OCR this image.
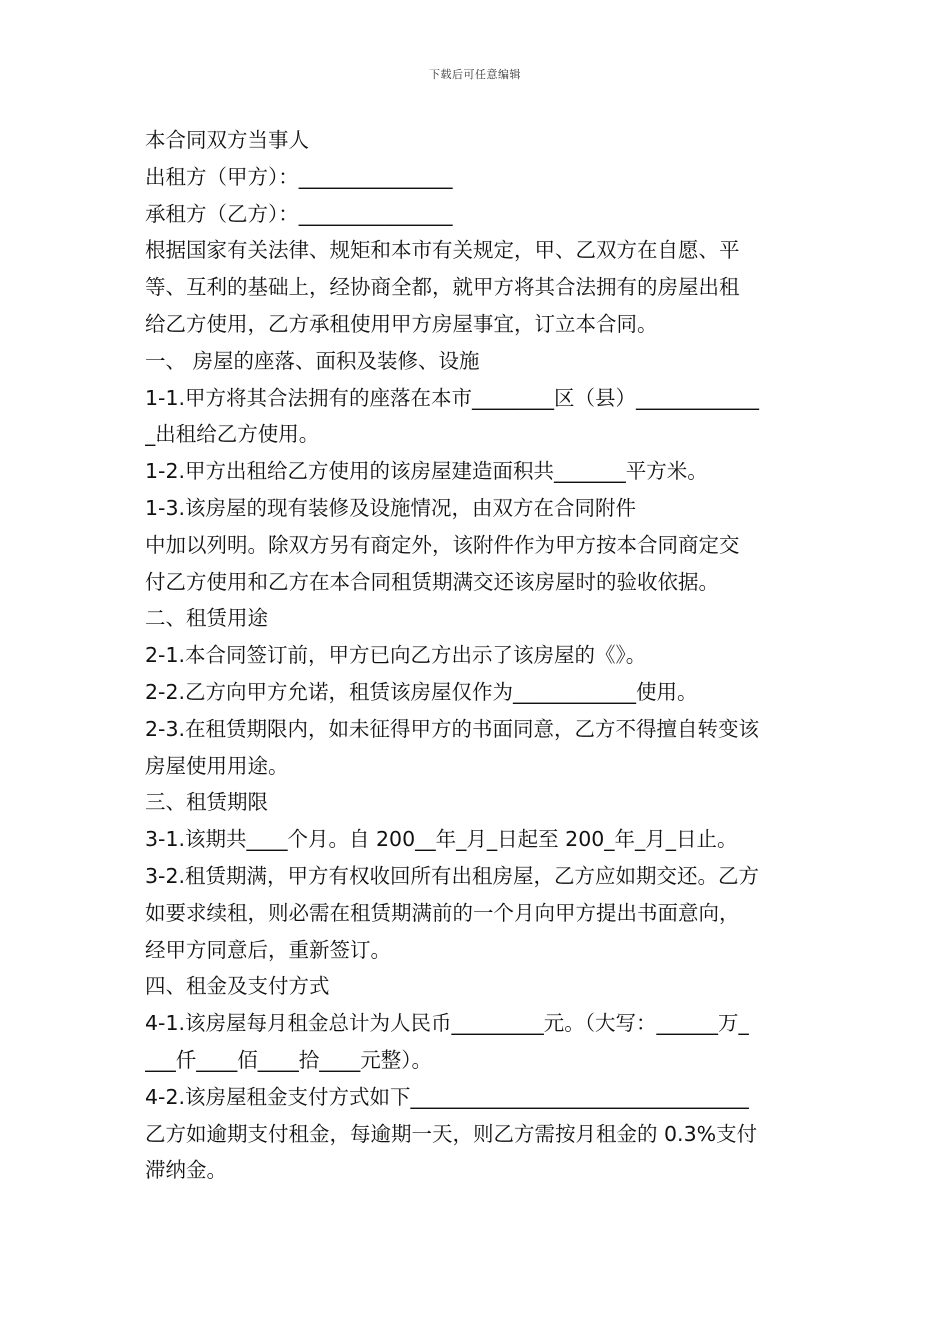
下载后可任意编辑
本合同双方当事人
出租方（甲方）：_______________
承租方（乙方）：_______________
根据国家有关法律、规矩和本市有关规定，甲、乙双方在自愿、平
等、互利的基础上，经协商全都，就甲方将其合法拥有的房屋出租
给乙方使用，乙方承租使用甲方房屋事宜，订立本合同。
一、 房屋的座落、面积及装修、设施
1-1.甲方将其合法拥有的座落在本市________区（县）____________
_出租给乙方使用。
1-2.甲方出租给乙方使用的该房屋建造面积共_______平方米。
1-3.该房屋的现有装修及设施情况，由双方在合同附件
中加以列明。除双方另有商定外，该附件作为甲方按本合同商定交
付乙方使用和乙方在本合同租赁期满交还该房屋时的验收依据。
二、租赁用途
2-1.本合同签订前，甲方已向乙方出示了该房屋的《》。
2-2.乙方向甲方允诺，租赁该房屋仅作为____________使用。
2-3.在租赁期限内，如未征得甲方的书面同意，乙方不得擅自转变该
房屋使用用途。
三、租赁期限
3-1.该期共____个月。自 200__年_月_日起至 200_年_月_日止。
3-2.租赁期满，甲方有权收回所有出租房屋，乙方应如期交还。乙方
如要求续租，则必需在租赁期满前的一个月向甲方提出书面意向，
经甲方同意后，重新签订。
四、租金及支付方式
4-1.该房屋每月租金总计为人民币_________元。（大写：______万_
___仟____佰____拾____元整）。
4-2.该房屋租金支付方式如下_________________________________
乙方如逾期支付租金，每逾期一天，则乙方需按月租金的 0.3%支付
滞纳金。
